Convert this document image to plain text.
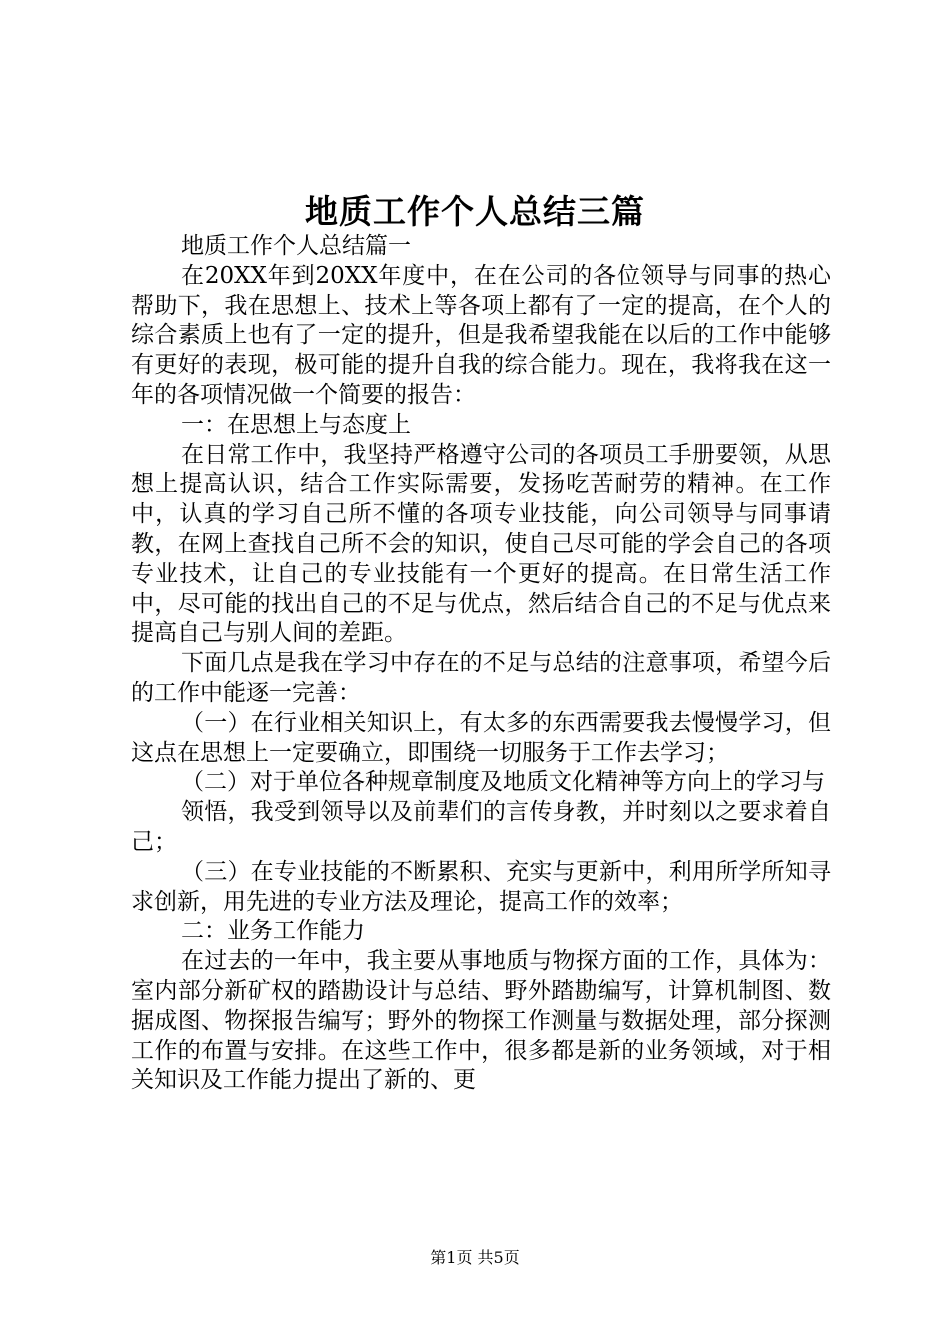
地质工作个人总结三篇

地质工作个人总结篇一

在20XX年到20XX年度中，在在公司的各位领导与同事的热心帮助下，我在思想上、技术上等各项上都有了一定的提高，在个人的综合素质上也有了一定的提升，但是我希望我能在以后的工作中能够有更好的表现，极可能的提升自我的综合能力。现在，我将我在这一年的各项情况做一个简要的报告：

一：在思想上与态度上

在日常工作中，我坚持严格遵守公司的各项员工手册要领，从思想上提高认识，结合工作实际需要，发扬吃苦耐劳的精神。在工作中，认真的学习自己所不懂的各项专业技能，向公司领导与同事请教，在网上查找自己所不会的知识，使自己尽可能的学会自己的各项专业技术，让自己的专业技能有一个更好的提高。在日常生活工作中，尽可能的找出自己的不足与优点，然后结合自己的不足与优点来提高自己与别人间的差距。

下面几点是我在学习中存在的不足与总结的注意事项，希望今后的工作中能逐一完善：

（一）在行业相关知识上，有太多的东西需要我去慢慢学习，但这点在思想上一定要确立，即围绕一切服务于工作去学习；

（二）对于单位各种规章制度及地质文化精神等方向上的学习与

领悟，我受到领导以及前辈们的言传身教，并时刻以之要求着自己；

（三）在专业技能的不断累积、充实与更新中，利用所学所知寻求创新，用先进的专业方法及理论，提高工作的效率；

二：业务工作能力

在过去的一年中，我主要从事地质与物探方面的工作，具体为：室内部分新矿权的踏勘设计与总结、野外踏勘编写，计算机制图、数据成图、物探报告编写；野外的物探工作测量与数据处理，部分探测工作的布置与安排。在这些工作中，很多都是新的业务领域，对于相关知识及工作能力提出了新的、更

第1页 共5页
